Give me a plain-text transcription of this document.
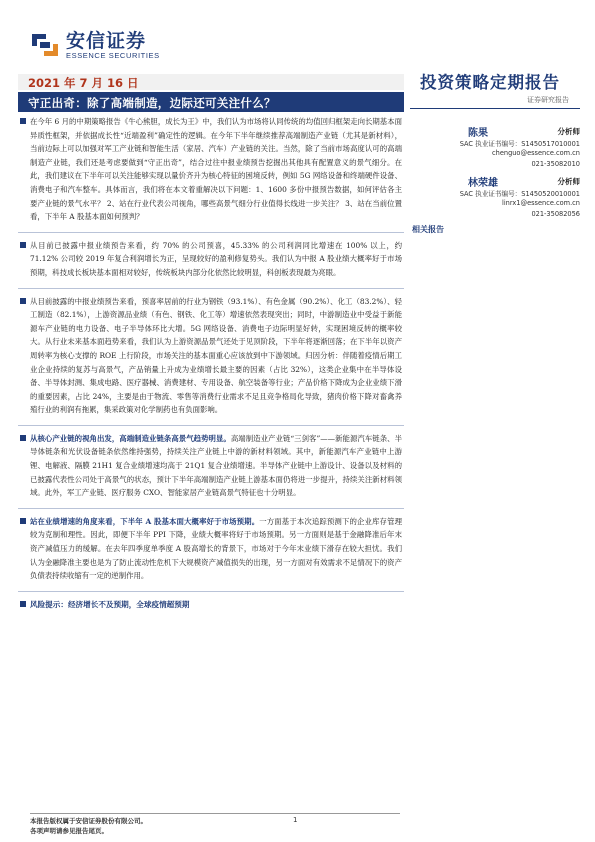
安信证券
ESSENCE SECURITIES
2021 年 7 月 16 日
守正出奇：除了高端制造，边际还可关注什么？
投资策略定期报告
证券研究报告
陈果	分析师
SAC 执业证书编号：S1450517010001
chenguo@essence.com.cn
021-35082010
林荣雄	分析师
SAC 执业证书编号：S1450520010001
linrx1@essence.com.cn
021-35082056
相关报告
在今年 6 月的中期策略报告《牛心熊胆，成长为王》中，我们认为市场将认同传统的均值回归框架走向长期基本面异质性框架，并依据成长性“近端盈利”确定性的逻辑。在今年下半年继续推荐高端制造产业链（尤其是新材料），当前边际上可以加强对军工产业链和智能生活（家居、汽车）产业链的关注。当然，除了当前市场高度认可的高端制造产业链，我们还是考虑要做到“守正出奇”，结合过往中报业绩预告挖掘出其他具有配置意义的景气细分。在此，我们建议在下半年可以关注能够实现以量价齐升为核心特征的困境反转，例如 5G 网络设备和终端硬件设备、消费电子和汽车整车。具体而言，我们将在本文着重解决以下问题：1、1600 多份中报预告数据，如何评估各主要产业链的景气水平？ 2、站在行业代表公司视角，哪些高景气细分行业值得长线进一步关注？ 3、站在当前位置看，下半年 A 股基本面如何预判？
从目前已披露中报业绩预告来看，约 70% 的公司预喜，45.33% 的公司利润同比增速在 100% 以上，约 71.12% 公司较 2019 年复合利润增长为正，呈现较好的盈利修复势头。我们认为中报 A 股业绩大概率好于市场预期，科技成长板块基本面相对较好，传统板块内部分化依然比较明显，科创板表现最为亮眼。
从目前披露的中报业绩预告来看，预喜率居前的行业为钢铁（93.1%）、有色金属（90.2%）、化工（83.2%）、轻工制造（82.1%），上游资源品业绩（有色、钢铁、化工等）增速依然表现突出；同时，中游制造业中受益于新能源车产业链的电力设备、电子半导体环比大增。5G 网络设备、消费电子边际明显好转，实现困境反转的概率较大。从行业未来基本面趋势来看，我们认为上游资源品景气还处于见顶阶段，下半年将逐渐回落；在下半年以资产周转率为核心支撑的 ROE 上行阶段，市场关注的基本面重心应该放到中下游领域。归因分析：伴随着疫情后期工业企业持续的复苏与高景气，产品销量上升成为业绩增长最主要的因素（占比 32%），这类企业集中在半导体设备、半导体封测、集成电路、医疗器械、消费建材、专用设备、航空装备等行业；产品价格下降成为企业业绩下滑的重要因素，占比 24%，主要是由于物流、零售等消费行业需求不足且竞争格局化导致，猪肉价格下降对畜禽养殖行业的利润有拖累，集采政策对化学制药也有负面影响。
从核心产业链的视角出发，高端制造业链条高景气趋势明显。高端制造业产业链“三剑客”——新能源汽车链条、半导体链条和光伏设备链条依然维持强势，持续关注产业链上中游的新材料领域。其中，新能源汽车产业链中上游锂、电解液、隔膜 21H1 复合业绩增速均高于 21Q1 复合业绩增速。半导体产业链中上游设计、设备以及材料的已披露代表性公司处于高景气的状态，预计下半年高端制造产业链上游基本面仍将进一步提升，持续关注新材料领域。此外，军工产业链、医疗服务 CXO、智能家居产业链高景气特征也十分明显。
站在业绩增速的角度来看，下半年 A 股基本面大概率好于市场预期。一方面基于本次追踪预测下的企业库存管理较为克制和理性。因此，即便下半年 PPI 下降，业绩大概率将好于市场预期。另一方面则是基于金融降准后年末资产减值压力的缓解。在去年四季度单季度 A 股高增长的背景下，市场对于今年末业绩下滑存在较大担忧。我们认为金融降准主要也是为了防止流动性危机下大规模资产减值损失的出现，另一方面对有效需求不足情况下的资产负债表持续收缩有一定的逆制作用。
风险提示：经济增长不及预期，全球疫情超预期
本报告版权属于安信证券股份有限公司。
各项声明请参见报告尾页。
1
